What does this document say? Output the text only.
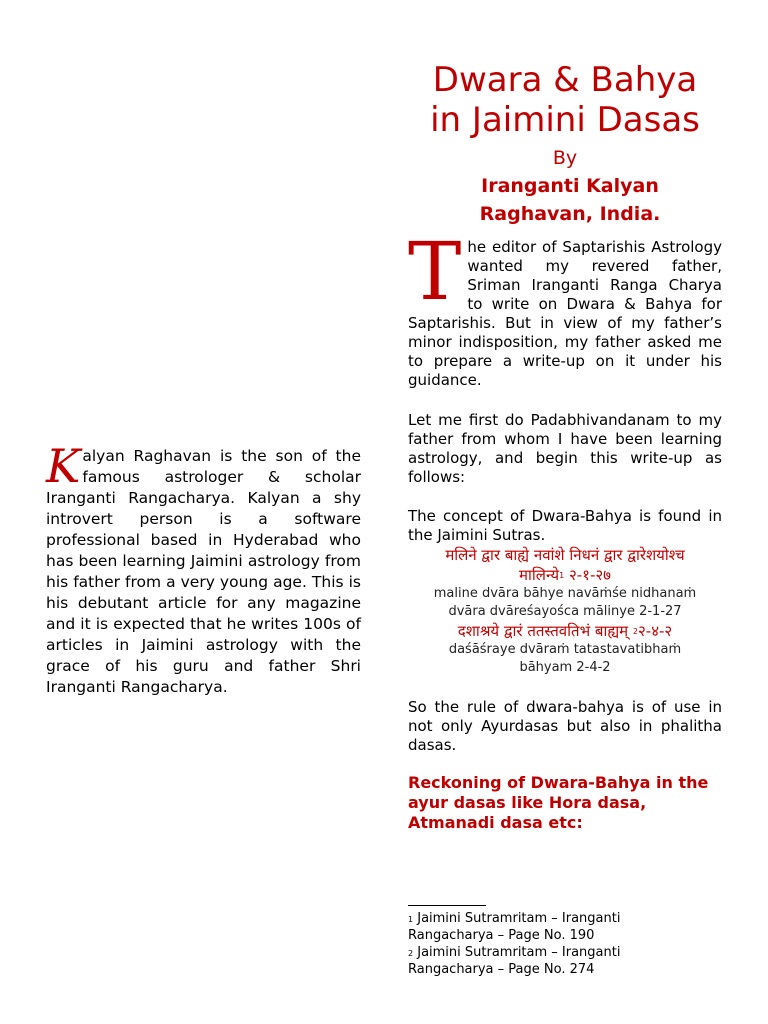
Dwara & Bahya
in Jaimini Dasas
By
Iranganti Kalyan
Raghavan, India.
T he editor of Saptarishis Astrology wanted my revered father, Sriman Iranganti Ranga Charya to write on Dwara & Bahya for Saptarishis. But in view of my father’s minor indisposition, my father asked me to prepare a write-up on it under his guidance.
Let me first do Padabhivandanam to my father from whom I have been learning astrology, and begin this write-up as follows:
The concept of Dwara-Bahya is found in the Jaimini Sutras.
मलिने द्वार बाह्ये नवांशे निधनं द्वार द्वारेशयोश्च
मालिन्ये$^1$ २-१-२७
maline dvāra bāhye navāṁśe nidhanaṁ
dvāra dvāreśayośca mālinye 2-1-27
दशाश्रये द्वारं ततस्तवतिभं बाह्यम् $^2$२-४-२
daśāśraye dvāraṁ tatastavatibhaṁ
bāhyam 2-4-2
So the rule of dwara-bahya is of use in not only Ayurdasas but also in phalitha dasas.
Reckoning of Dwara-Bahya in the ayur dasas like Hora dasa, Atmanadi dasa etc:
$^1$ Jaimini Sutramritam – Iranganti Rangacharya – Page No. 190
$^2$ Jaimini Sutramritam – Iranganti Rangacharya – Page No. 274
Kalyan Raghavan is the son of the famous astrologer & scholar Iranganti Rangacharya. Kalyan a shy introvert person is a software professional based in Hyderabad who has been learning Jaimini astrology from his father from a very young age. This is his debutant article for any magazine and it is expected that he writes 100s of articles in Jaimini astrology with the grace of his guru and father Shri Iranganti Rangacharya.
